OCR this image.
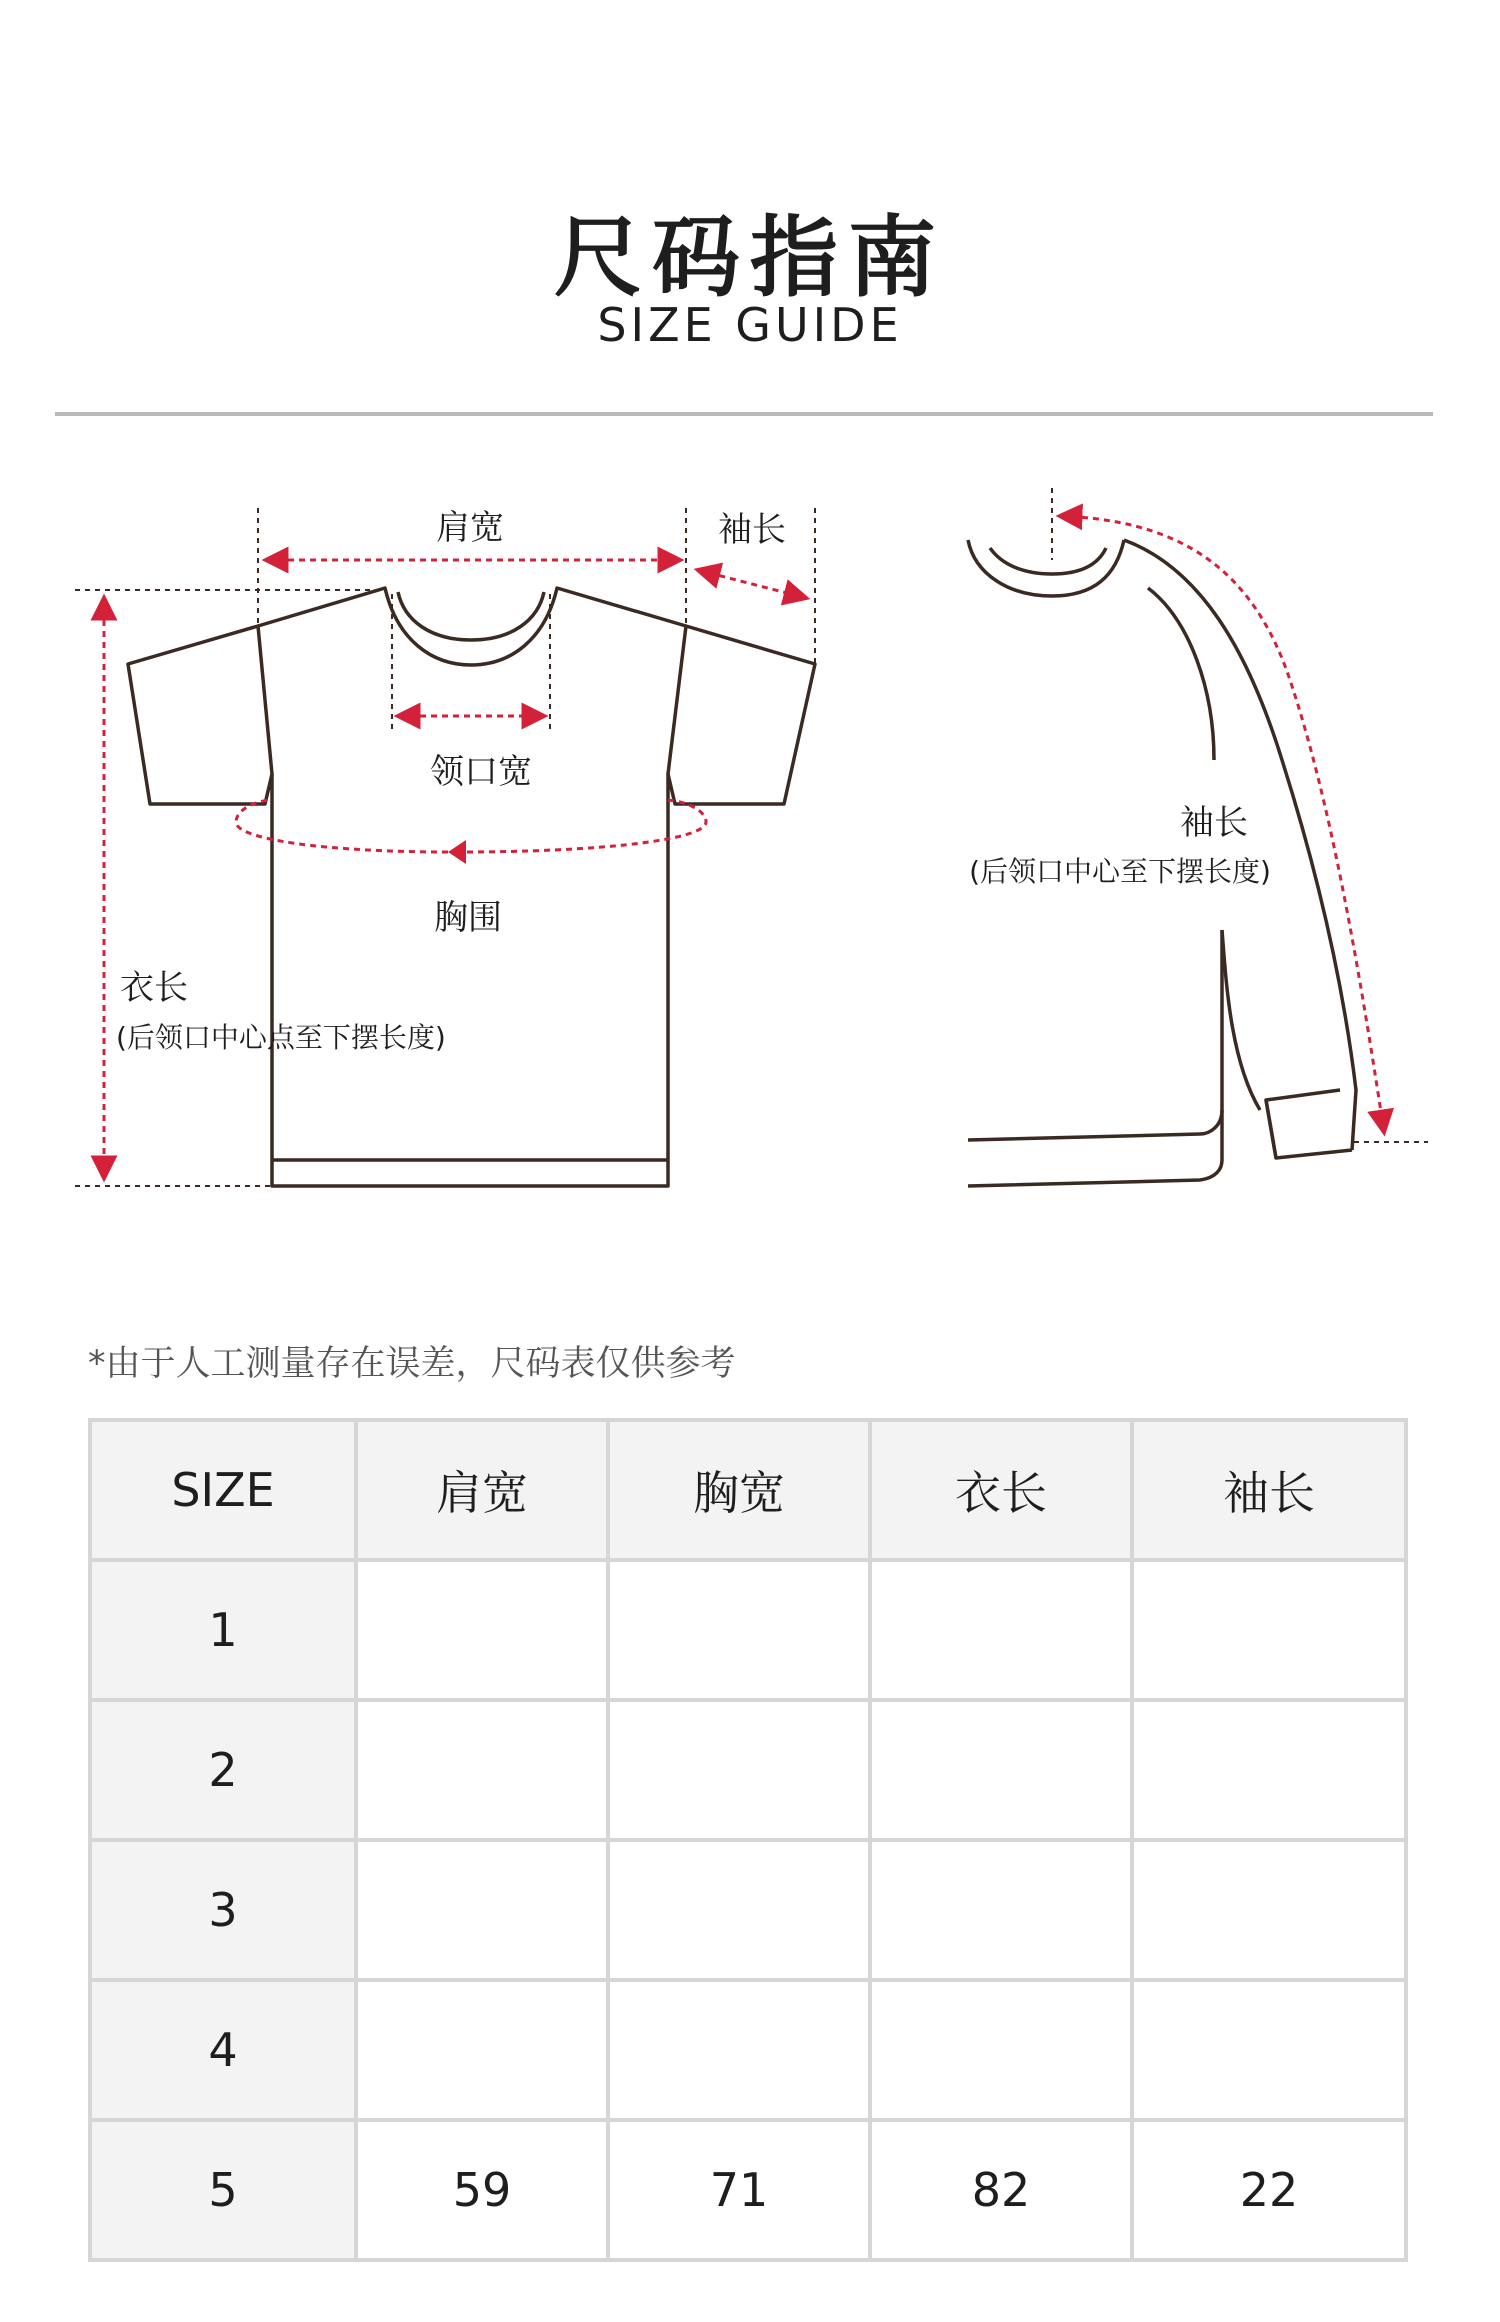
尺码指南
SIZE GUIDE
肩宽	袖长
领口宽
胸围
衣长
(后领口中心点至下摆长度)
袖长
(后领口中心至下摆长度)
*由于人工测量存在误差，尺码表仅供参考
SIZE	肩宽	胸宽	衣长	袖长
1				
2				
3				
4				
5	59	71	82	22
